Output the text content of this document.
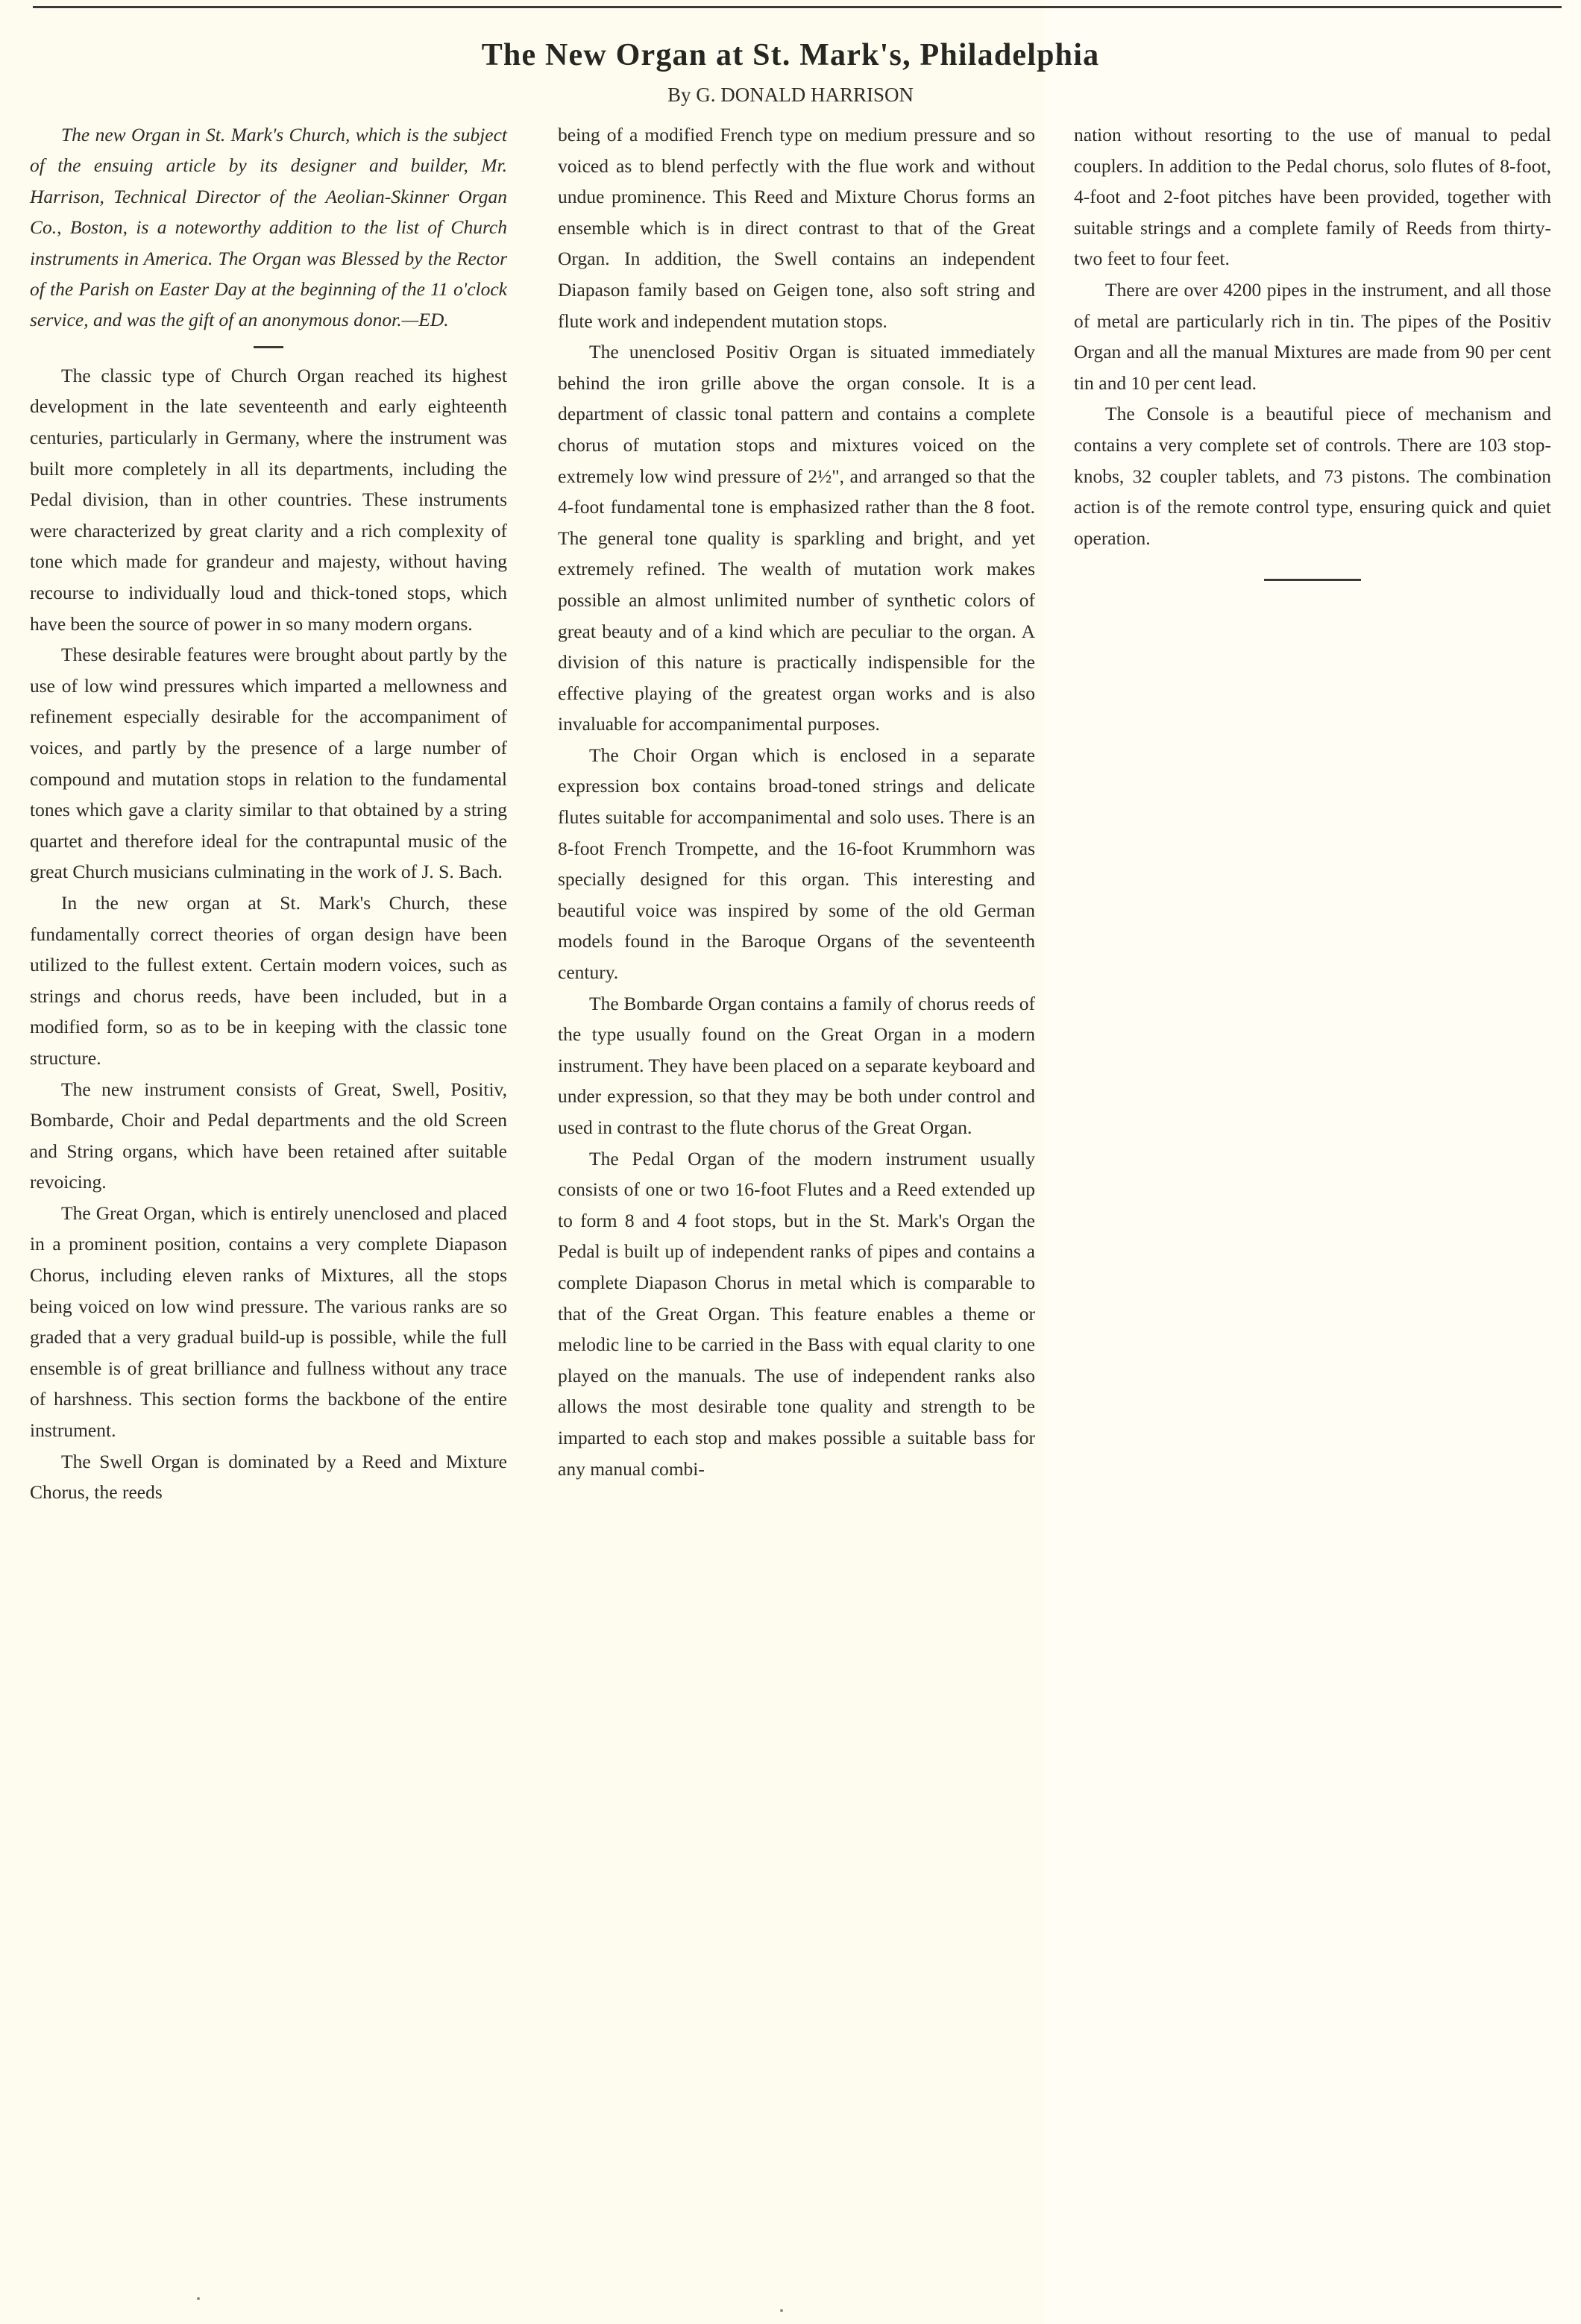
The New Organ at St. Mark's, Philadelphia
By G. DONALD HARRISON

The new Organ in St. Mark's Church, which is the subject of the ensuing article by its designer and builder, Mr. Harrison, Technical Director of the Aeolian-Skinner Organ Co., Boston, is a noteworthy addition to the list of Church instruments in America. The Organ was Blessed by the Rector of the Parish on Easter Day at the beginning of the 11 o'clock service, and was the gift of an anonymous donor.—ED.

The classic type of Church Organ reached its highest development in the late seventeenth and early eighteenth centuries, particularly in Germany, where the instrument was built more completely in all its departments, including the Pedal division, than in other countries. These instruments were characterized by great clarity and a rich complexity of tone which made for grandeur and majesty, without having recourse to individually loud and thick-toned stops, which have been the source of power in so many modern organs.

These desirable features were brought about partly by the use of low wind pressures which imparted a mellowness and refinement especially desirable for the accompaniment of voices, and partly by the presence of a large number of compound and mutation stops in relation to the fundamental tones which gave a clarity similar to that obtained by a string quartet and therefore ideal for the contrapuntal music of the great Church musicians culminating in the work of J. S. Bach.

In the new organ at St. Mark's Church, these fundamentally correct theories of organ design have been utilized to the fullest extent. Certain modern voices, such as strings and chorus reeds, have been included, but in a modified form, so as to be in keeping with the classic tone structure.

The new instrument consists of Great, Swell, Positiv, Bombarde, Choir and Pedal departments and the old Screen and String organs, which have been retained after suitable revoicing.

The Great Organ, which is entirely unenclosed and placed in a prominent position, contains a very complete Diapason Chorus, including eleven ranks of Mixtures, all the stops being voiced on low wind pressure. The various ranks are so graded that a very gradual build-up is possible, while the full ensemble is of great brilliance and fullness without any trace of harshness. This section forms the backbone of the entire instrument.

The Swell Organ is dominated by a Reed and Mixture Chorus, the reeds

being of a modified French type on medium pressure and so voiced as to blend perfectly with the flue work and without undue prominence. This Reed and Mixture Chorus forms an ensemble which is in direct contrast to that of the Great Organ. In addition, the Swell contains an independent Diapason family based on Geigen tone, also soft string and flute work and independent mutation stops.

The unenclosed Positiv Organ is situated immediately behind the iron grille above the organ console. It is a department of classic tonal pattern and contains a complete chorus of mutation stops and mixtures voiced on the extremely low wind pressure of 2½", and arranged so that the 4-foot fundamental tone is emphasized rather than the 8 foot. The general tone quality is sparkling and bright, and yet extremely refined. The wealth of mutation work makes possible an almost unlimited number of synthetic colors of great beauty and of a kind which are peculiar to the organ. A division of this nature is practically indispensible for the effective playing of the greatest organ works and is also invaluable for accompanimental purposes.

The Choir Organ which is enclosed in a separate expression box contains broad-toned strings and delicate flutes suitable for accompanimental and solo uses. There is an 8-foot French Trompette, and the 16-foot Krummhorn was specially designed for this organ. This interesting and beautiful voice was inspired by some of the old German models found in the Baroque Organs of the seventeenth century.

The Bombarde Organ contains a family of chorus reeds of the type usually found on the Great Organ in a modern instrument. They have been placed on a separate keyboard and under expression, so that they may be both under control and used in contrast to the flute chorus of the Great Organ.

The Pedal Organ of the modern instrument usually consists of one or two 16-foot Flutes and a Reed extended up to form 8 and 4 foot stops, but in the St. Mark's Organ the Pedal is built up of independent ranks of pipes and contains a complete Diapason Chorus in metal which is comparable to that of the Great Organ. This feature enables a theme or melodic line to be carried in the Bass with equal clarity to one played on the manuals. The use of independent ranks also allows the most desirable tone quality and strength to be imparted to each stop and makes possible a suitable bass for any manual combi-

nation without resorting to the use of manual to pedal couplers. In addition to the Pedal chorus, solo flutes of 8-foot, 4-foot and 2-foot pitches have been provided, together with suitable strings and a complete family of Reeds from thirty-two feet to four feet.

There are over 4200 pipes in the instrument, and all those of metal are particularly rich in tin. The pipes of the Positiv Organ and all the manual Mixtures are made from 90 per cent tin and 10 per cent lead.

The Console is a beautiful piece of mechanism and contains a very complete set of controls. There are 103 stop-knobs, 32 coupler tablets, and 73 pistons. The combination action is of the remote control type, ensuring quick and quiet operation.
